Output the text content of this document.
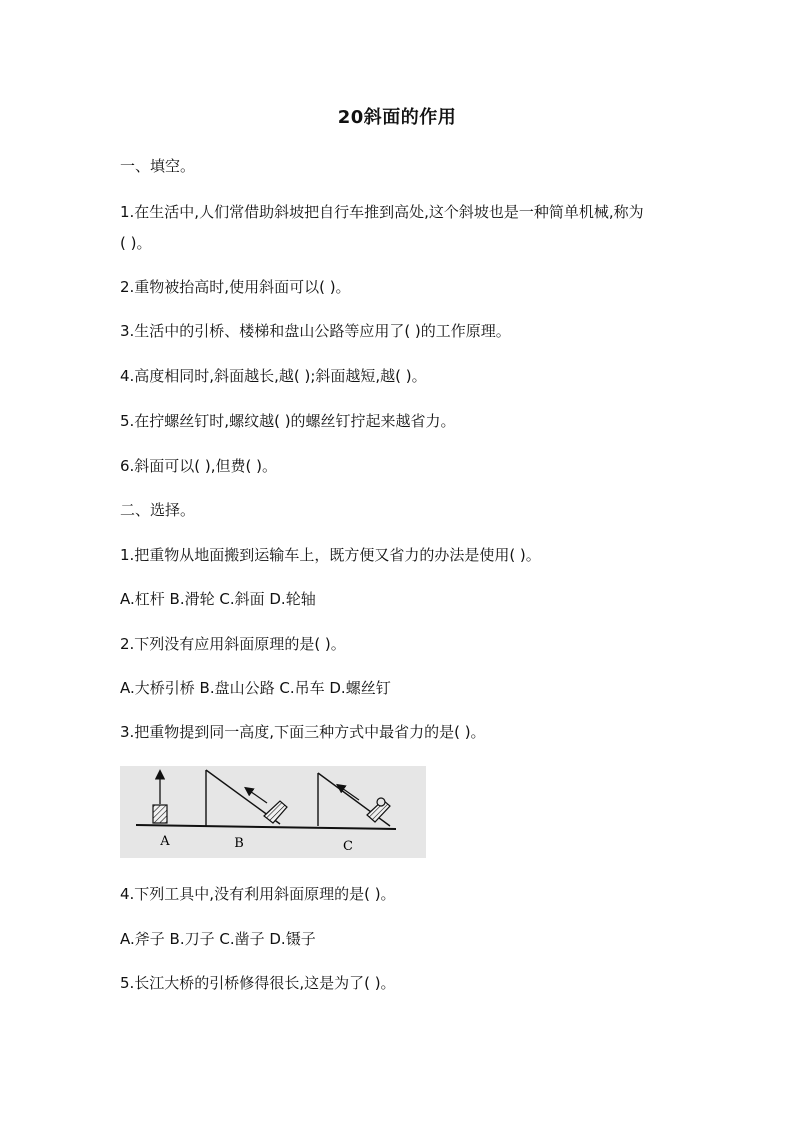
20斜面的作用
一、填空。
1.在生活中,人们常借助斜坡把自行车推到高处,这个斜坡也是一种简单机械,称为
( )。
2.重物被抬高时,使用斜面可以( )。
3.生活中的引桥、楼梯和盘山公路等应用了( )的工作原理。
4.高度相同时,斜面越长,越( );斜面越短,越( )。
5.在拧螺丝钉时,螺纹越( )的螺丝钉拧起来越省力。
6.斜面可以( ),但费( )。
二、选择。
1.把重物从地面搬到运输车上，既方便又省力的办法是使用( )。
A.杠杆 B.滑轮 C.斜面 D.轮轴
2.下列没有应用斜面原理的是( )。
A.大桥引桥 B.盘山公路 C.吊车 D.螺丝钉
3.把重物提到同一高度,下面三种方式中最省力的是( )。
A	B	C
4.下列工具中,没有利用斜面原理的是( )。
A.斧子 B.刀子 C.凿子 D.镊子
5.长江大桥的引桥修得很长,这是为了( )。
